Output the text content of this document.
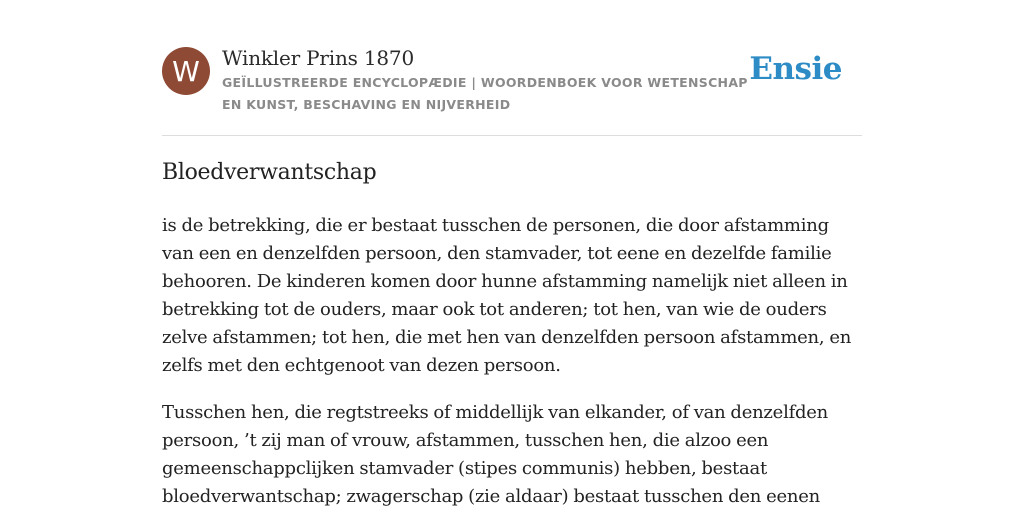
W	Winkler Prins 1870
GEÏLLUSTREERDE ENCYCLOPÆDIE | WOORDENBOEK VOOR WETENSCHAP EN KUNST, BESCHAVING EN NIJVERHEID
Ensie
Bloedverwantschap

is de betrekking, die er bestaat tusschen de personen, die door afstamming van een en denzelfden persoon, den stamvader, tot eene en dezelfde familie behooren. De kinderen komen door hunne afstamming namelijk niet alleen in betrekking tot de ouders, maar ook tot anderen; tot hen, van wie de ouders zelve afstammen; tot hen, die met hen van denzelfden persoon afstammen, en zelfs met den echtgenoot van dezen persoon.

Tusschen hen, die regtstreeks of middellijk van elkander, of van denzelfden persoon, ’t zij man of vrouw, afstammen, tusschen hen, die alzoo een gemeenschappclijken stamvader (stipes communis) hebben, bestaat bloedverwantschap; zwagerschap (zie aldaar) bestaat tusschen den eenen
